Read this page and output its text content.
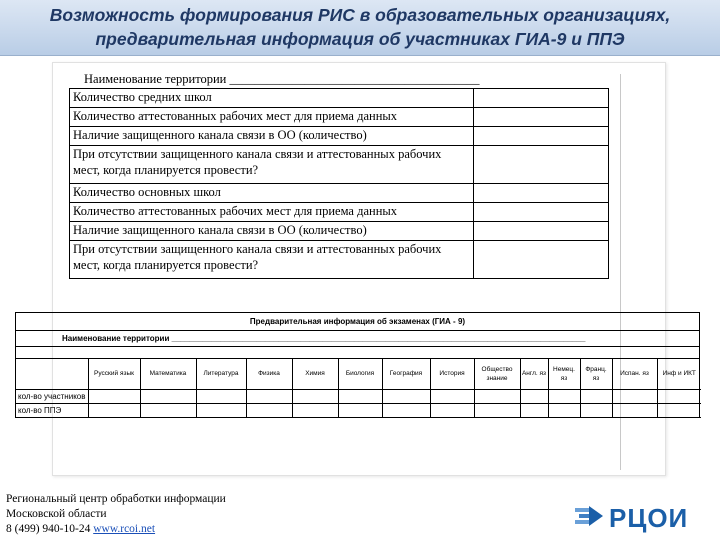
Возможность формирования РИС в образовательных организациях,
предварительная информация об участниках ГИА-9 и ППЭ
Наименование территории ________________________________________
Количество средних школ	
Количество аттестованных рабочих мест для приема данных	
Наличие защищенного канала связи в ОО (количество)	
При отсутствии защищенного канала связи и аттестованных рабочих мест, когда планируется провести?	
Количество основных школ	
Количество аттестованных рабочих мест для приема данных	
Наличие защищенного канала связи в ОО (количество)	
При отсутствии защищенного канала связи и аттестованных рабочих мест, когда планируется провести?	
Предварительная информация об экзаменах (ГИА - 9)
Наименование территории _____________________________________________________________________________________________
	Русский язык	Математика	Литература	Физика	Химия	Биология	География	История	Общество знание	Англ. яз	Немец. яз	Франц. яз	Испан. яз	Инф и ИКТ
кол-во участников														
кол-во ППЭ														
Региональный центр обработки информации
Московской области
8 (499) 940-10-24 www.rcoi.net	РЦОИ
